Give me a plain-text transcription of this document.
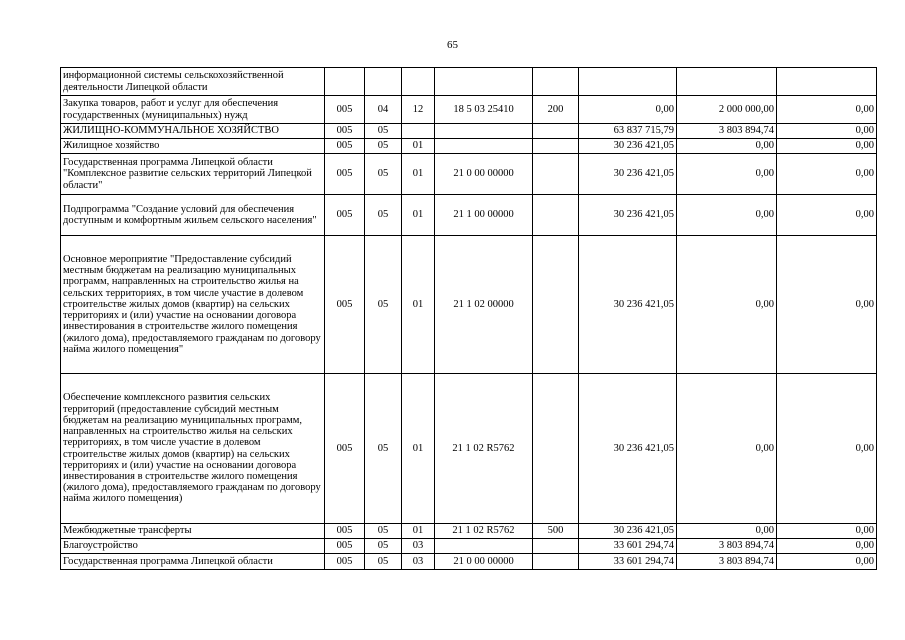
65
информационной системы сельскохозяйственной деятельности Липецкой области								
Закупка товаров, работ и услуг для обеспечения государственных (муниципальных) нужд	005	04	12	18 5 03 25410	200	0,00	2 000 000,00	0,00
ЖИЛИЩНО-КОММУНАЛЬНОЕ ХОЗЯЙСТВО	005	05				63 837 715,79	3 803 894,74	0,00
Жилищное хозяйство	005	05	01			30 236 421,05	0,00	0,00
Государственная программа Липецкой области "Комплексное развитие сельских территорий Липецкой области"	005	05	01	21 0 00 00000		30 236 421,05	0,00	0,00
Подпрограмма "Создание условий для обеспечения доступным и комфортным жильем сельского населения"	005	05	01	21 1 00 00000		30 236 421,05	0,00	0,00
Основное мероприятие "Предоставление субсидий местным бюджетам на реализацию муниципальных программ, направленных на строительство жилья на сельских территориях, в том числе участие в долевом строительстве жилых домов (квартир) на сельских территориях и (или) участие на основании договора инвестирования в строительстве жилого помещения (жилого дома), предоставляемого гражданам по договору найма жилого помещения"	005	05	01	21 1 02 00000		30 236 421,05	0,00	0,00
Обеспечение комплексного развития сельских территорий (предоставление субсидий местным бюджетам на реализацию муниципальных программ, направленных на строительство жилья на сельских территориях, в том числе участие в долевом строительстве жилых домов (квартир) на сельских территориях и (или) участие на основании договора инвестирования в строительстве жилого помещения (жилого дома), предоставляемого гражданам по договору найма жилого помещения)	005	05	01	21 1 02 R5762		30 236 421,05	0,00	0,00
Межбюджетные трансферты	005	05	01	21 1 02 R5762	500	30 236 421,05	0,00	0,00
Благоустройство	005	05	03			33 601 294,74	3 803 894,74	0,00
Государственная программа Липецкой области	005	05	03	21 0 00 00000		33 601 294,74	3 803 894,74	0,00
